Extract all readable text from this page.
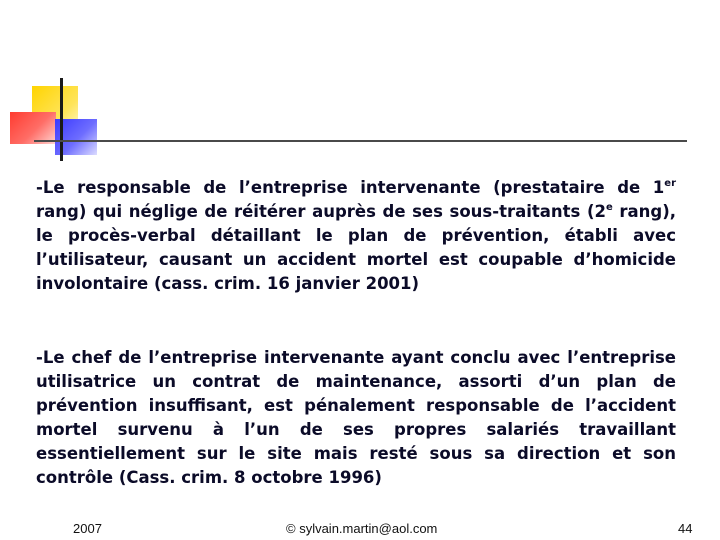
-Le responsable de l’entreprise intervenante (prestataire de 1er rang) qui néglige de réitérer auprès de ses sous-traitants (2e rang), le procès-verbal détaillant le plan de prévention, établi avec l’utilisateur, causant un accident mortel est coupable d’homicide involontaire (cass. crim. 16 janvier 2001)

-Le chef de l’entreprise intervenante ayant conclu avec l’entreprise utilisatrice un contrat de maintenance, assorti d’un plan de prévention insuffisant, est pénalement responsable de l’accident mortel survenu à l’un de ses propres salariés travaillant essentiellement sur le site mais resté sous sa direction et son contrôle (Cass. crim. 8 octobre 1996)

2007	© sylvain.martin@aol.com	44
